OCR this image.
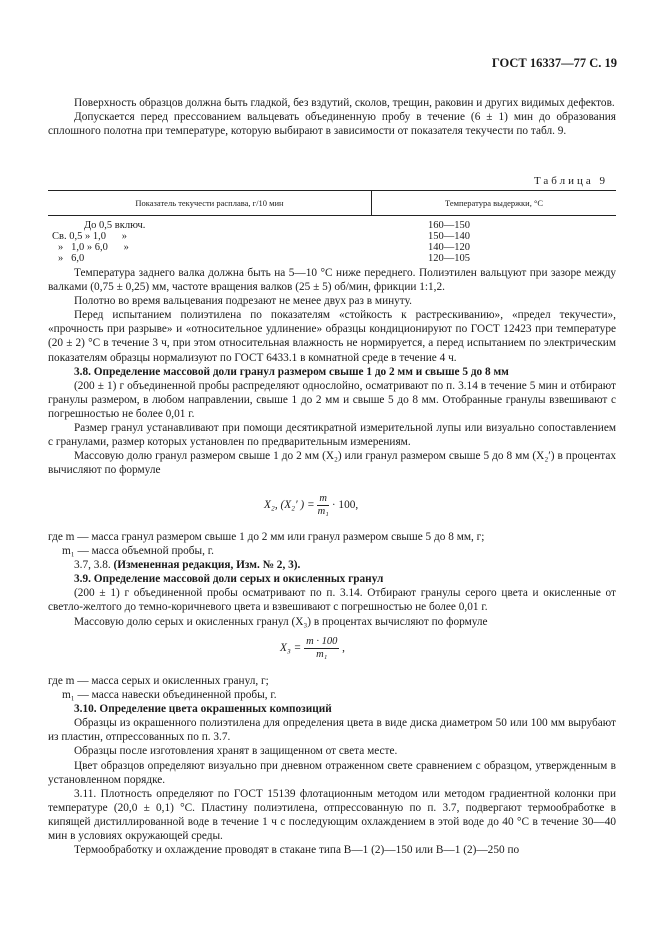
ГОСТ 16337—77 С. 19

Поверхность образцов должна быть гладкой, без вздутий, сколов, трещин, раковин и других видимых дефектов.

Допускается перед прессованием вальцевать объединенную пробу в течение (6 ± 1) мин до образования сплошного полотна при температуре, которую выбирают в зависимости от показателя текучести по табл. 9.

Таблица 9
Показатель текучести расплава, г/10 мин	Температура выдержки, °С
До 0,5 включ.	160—150
Св. 0,5 » 1,0      »	150—140
»   1,0 » 6,0      »	140—120
»   6,0	120—105

Температура заднего валка должна быть на 5—10 °С ниже переднего. Полиэтилен вальцуют при зазоре между валками (0,75 ± 0,25) мм, частоте вращения валков (25 ± 5) об/мин, фрикции 1:1,2.

Полотно во время вальцевания подрезают не менее двух раз в минуту.

Перед испытанием полиэтилена по показателям «стойкость к растрескиванию», «предел текучести», «прочность при разрыве» и «относительное удлинение» образцы кондиционируют по ГОСТ 12423 при температуре (20 ± 2) °С в течение 3 ч, при этом относительная влажность не нормируется, а перед испытанием по электрическим показателям образцы нормализуют по ГОСТ 6433.1 в комнатной среде в течение 4 ч.

3.8. Определение массовой доли гранул размером свыше 1 до 2 мм и свыше 5 до 8 мм

(200 ± 1) г объединенной пробы распределяют однослойно, осматривают по п. 3.14 в течение 5 мин и отбирают гранулы размером, в любом направлении, свыше 1 до 2 мм и свыше 5 до 8 мм. Отобранные гранулы взвешивают с погрешностью не более 0,01 г.

Размер гранул устанавливают при помощи десятикратной измерительной лупы или визуально сопоставлением с гранулами, размер которых установлен по предварительным измерениям.

Массовую долю гранул размером свыше 1 до 2 мм (X₂) или гранул размером свыше 5 до 8 мм (X₂′) в процентах вычисляют по формуле

X₂, (X₂′ ) = $\frac{m}{\text{m₁}} \cdot 100$,

где m — масса гранул размером свыше 1 до 2 мм или гранул размером свыше 5 до 8 мм, г;

m₁ — масса объемной пробы, г.

3.7, 3.8. (Измененная редакция, Изм. № 2, 3).

3.9. Определение массовой доли серых и окисленных гранул

(200 ± 1) г объединенной пробы осматривают по п. 3.14. Отбирают гранулы серого цвета и окисленные от светло-желтого до темно-коричневого цвета и взвешивают с погрешностью не более 0,01 г.

Массовую долю серых и окисленных гранул (X₃) в процентах вычисляют по формуле

$X_3 = \frac{m \cdot 100}{\text{m₁}}$ ,

где m — масса серых и окисленных гранул, г;

m₁ — масса навески объединенной пробы, г.

3.10. Определение цвета окрашенных композиций

Образцы из окрашенного полиэтилена для определения цвета в виде диска диаметром 50 или 100 мм вырубают из пластин, отпрессованных по п. 3.7.

Образцы после изготовления хранят в защищенном от света месте.

Цвет образцов определяют визуально при дневном отраженном свете сравнением с образцом, утвержденным в установленном порядке.

3.11. Плотность определяют по ГОСТ 15139 флотационным методом или методом градиентной колонки при температуре (20,0 ± 0,1) °С. Пластину полиэтилена, отпрессованную по п. 3.7, подвергают термообработке в кипящей дистиллированной воде в течение 1 ч с последующим охлаждением в этой воде до 40 °С в течение 30—40 мин в условиях окружающей среды.

Термообработку и охлаждение проводят в стакане типа В—1 (2)—150 или В—1 (2)—250 по
